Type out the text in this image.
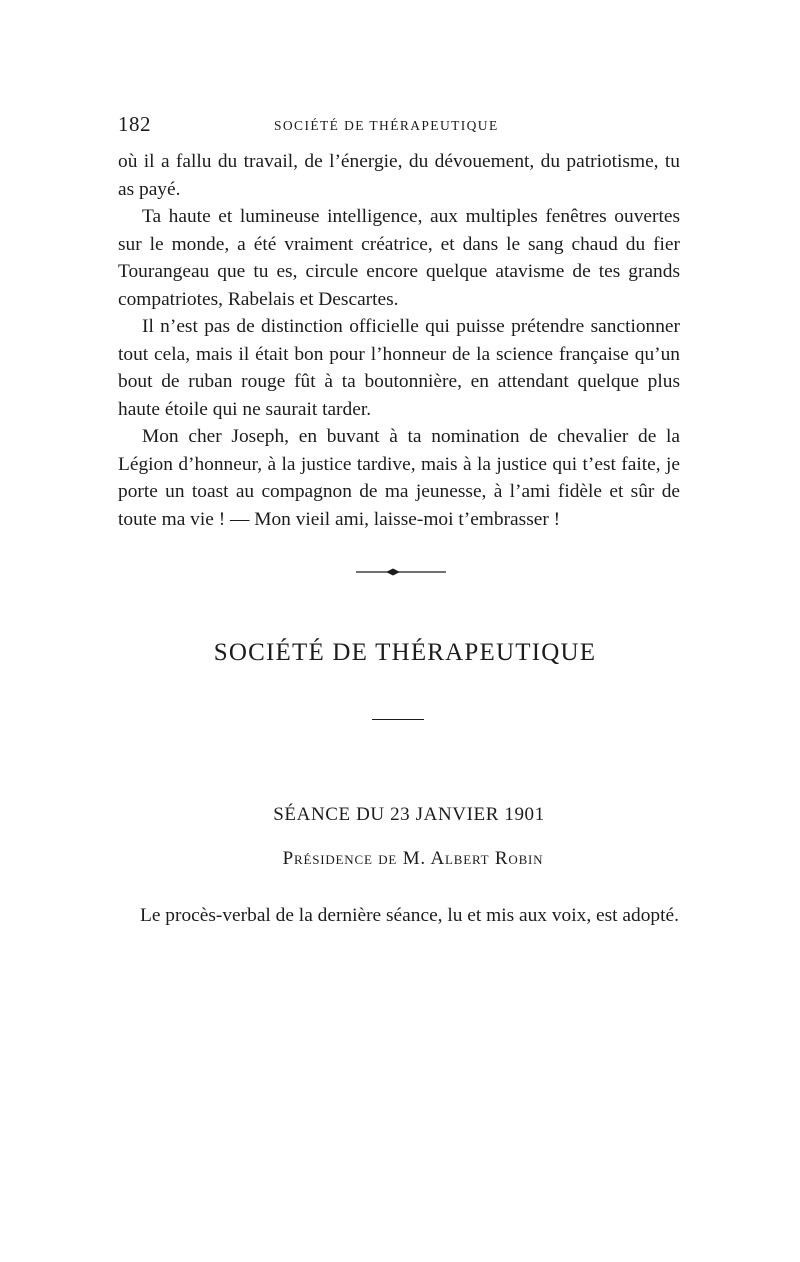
182	SOCIÉTÉ DE THÉRAPEUTIQUE

où il a fallu du travail, de l’énergie, du dévouement, du patriotisme, tu as payé.

Ta haute et lumineuse intelligence, aux multiples fenêtres ouvertes sur le monde, a été vraiment créatrice, et dans le sang chaud du fier Tourangeau que tu es, circule encore quelque atavisme de tes grands compatriotes, Rabelais et Descartes.

Il n’est pas de distinction officielle qui puisse prétendre sanctionner tout cela, mais il était bon pour l’honneur de la science française qu’un bout de ruban rouge fût à ta boutonnière, en attendant quelque plus haute étoile qui ne saurait tarder.

Mon cher Joseph, en buvant à ta nomination de chevalier de la Légion d’honneur, à la justice tardive, mais à la justice qui t’est faite, je porte un toast au compagnon de ma jeunesse, à l’ami fidèle et sûr de toute ma vie ! — Mon vieil ami, laisse-moi t’embrasser !

SOCIÉTÉ DE THÉRAPEUTIQUE
SÉANCE DU 23 JANVIER 1901
Présidence de M. Albert Robin

Le procès-verbal de la dernière séance, lu et mis aux voix, est adopté.
